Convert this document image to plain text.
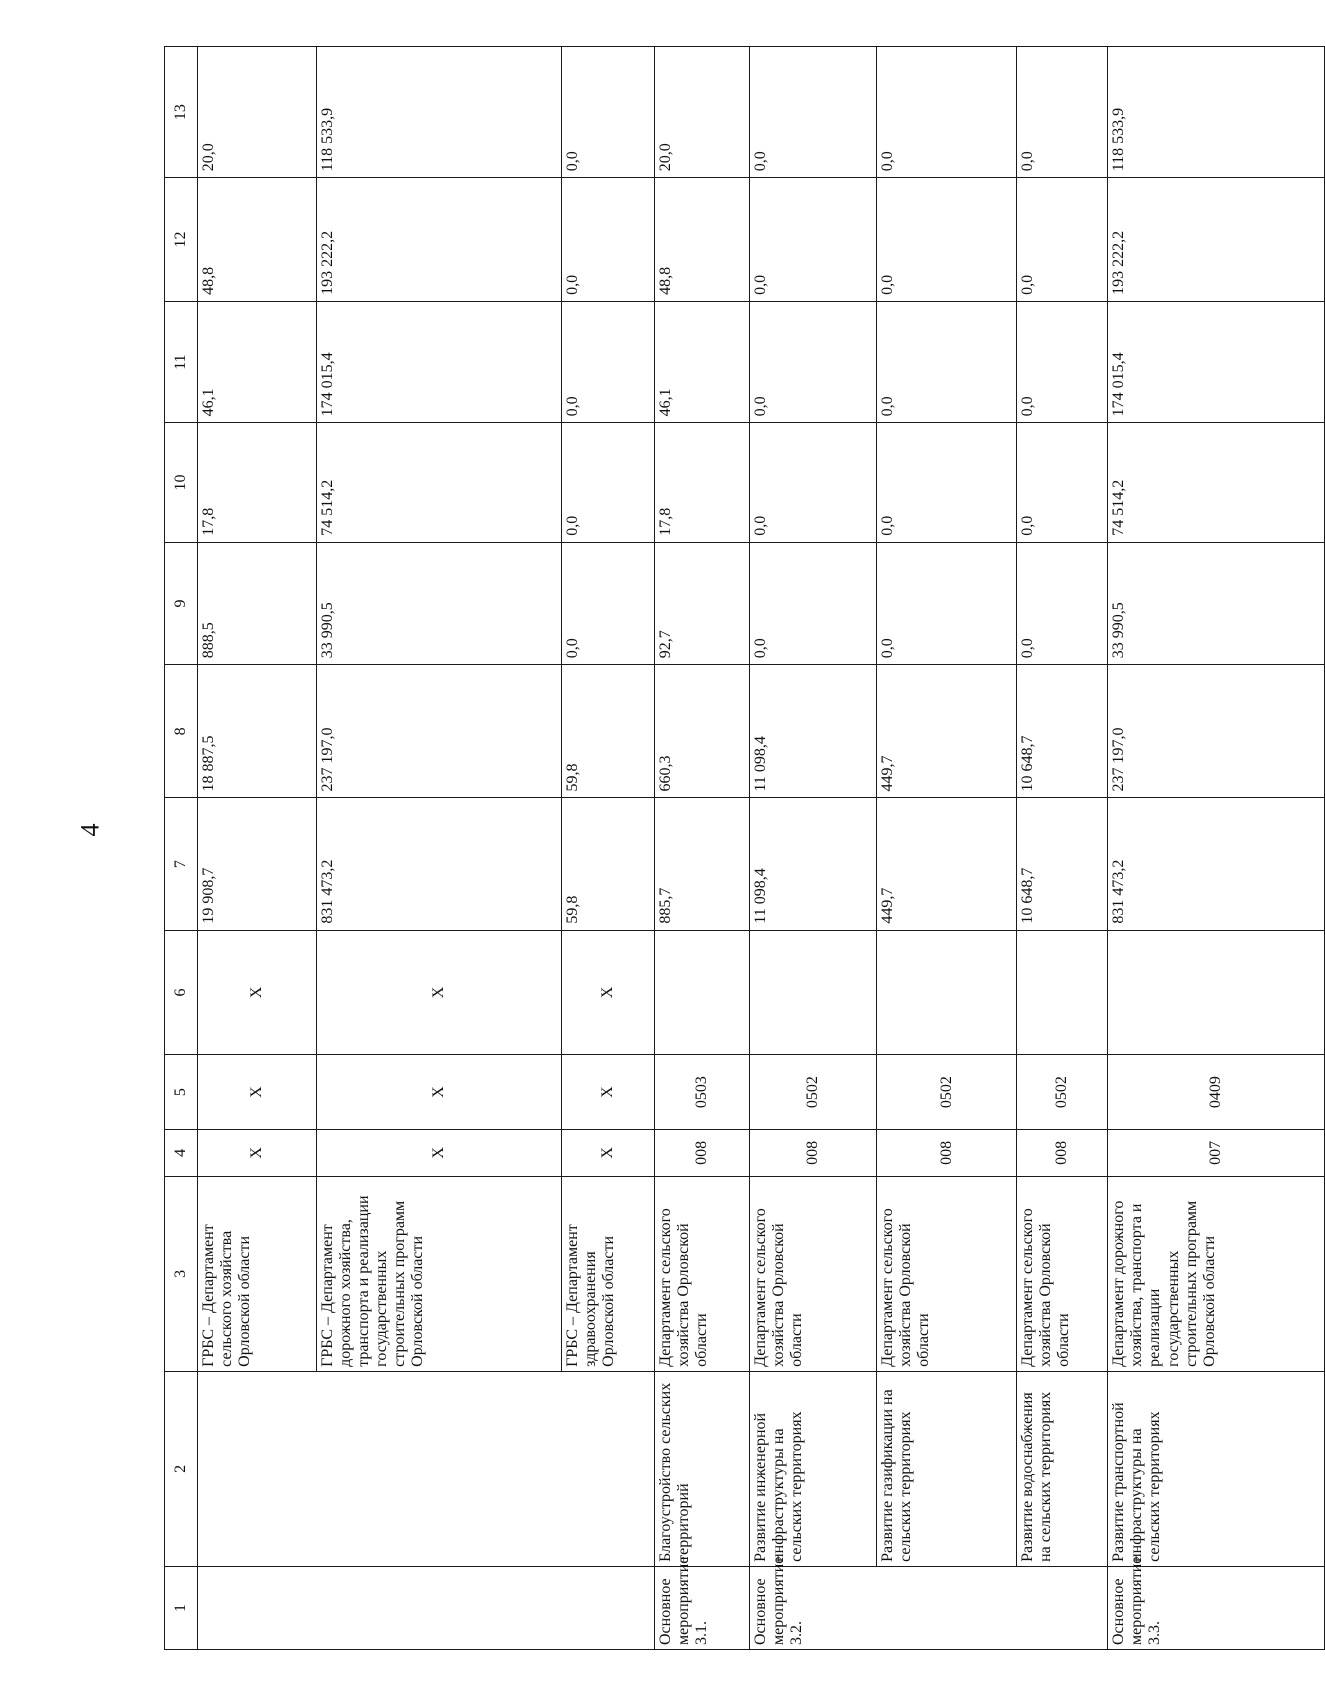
4
1	2	3	4	5	6	7	8	9	10	11	12	13
		ГРБС – Департамент сельского хозяйства Орловской области	X	X	X	19 908,7	18 887,5	888,5	17,8	46,1	48,8	20,0
		ГРБС – Департамент дорожного хозяйства, транспорта и реализации государственных строительных программ Орловской области	X	X	X	831 473,2	237 197,0	33 990,5	74 514,2	174 015,4	193 222,2	118 533,9
		ГРБС – Департамент здравоохранения Орловской области	X	X	X	59,8	59,8	0,0	0,0	0,0	0,0	0,0
Основное мероприятие 3.1.	Благоустройство сельских территорий	Департамент сельского хозяйства Орловской области	008	0503		885,7	660,3	92,7	17,8	46,1	48,8	20,0
Основное мероприятие 3.2.	Развитие инженерной инфраструктуры на сельских территориях	Департамент сельского хозяйства Орловской области	008	0502		11 098,4	11 098,4	0,0	0,0	0,0	0,0	0,0
	Развитие газификации на сельских территориях	Департамент сельского хозяйства Орловской области	008	0502		449,7	449,7	0,0	0,0	0,0	0,0	0,0
	Развитие водоснабжения на сельских территориях	Департамент сельского хозяйства Орловской области	008	0502		10 648,7	10 648,7	0,0	0,0	0,0	0,0	0,0
Основное мероприятие 3.3.	Развитие транспортной инфраструктуры на сельских территориях	Департамент дорожного хозяйства, транспорта и реализации государственных строительных программ Орловской области	007	0409		831 473,2	237 197,0	33 990,5	74 514,2	174 015,4	193 222,2	118 533,9
